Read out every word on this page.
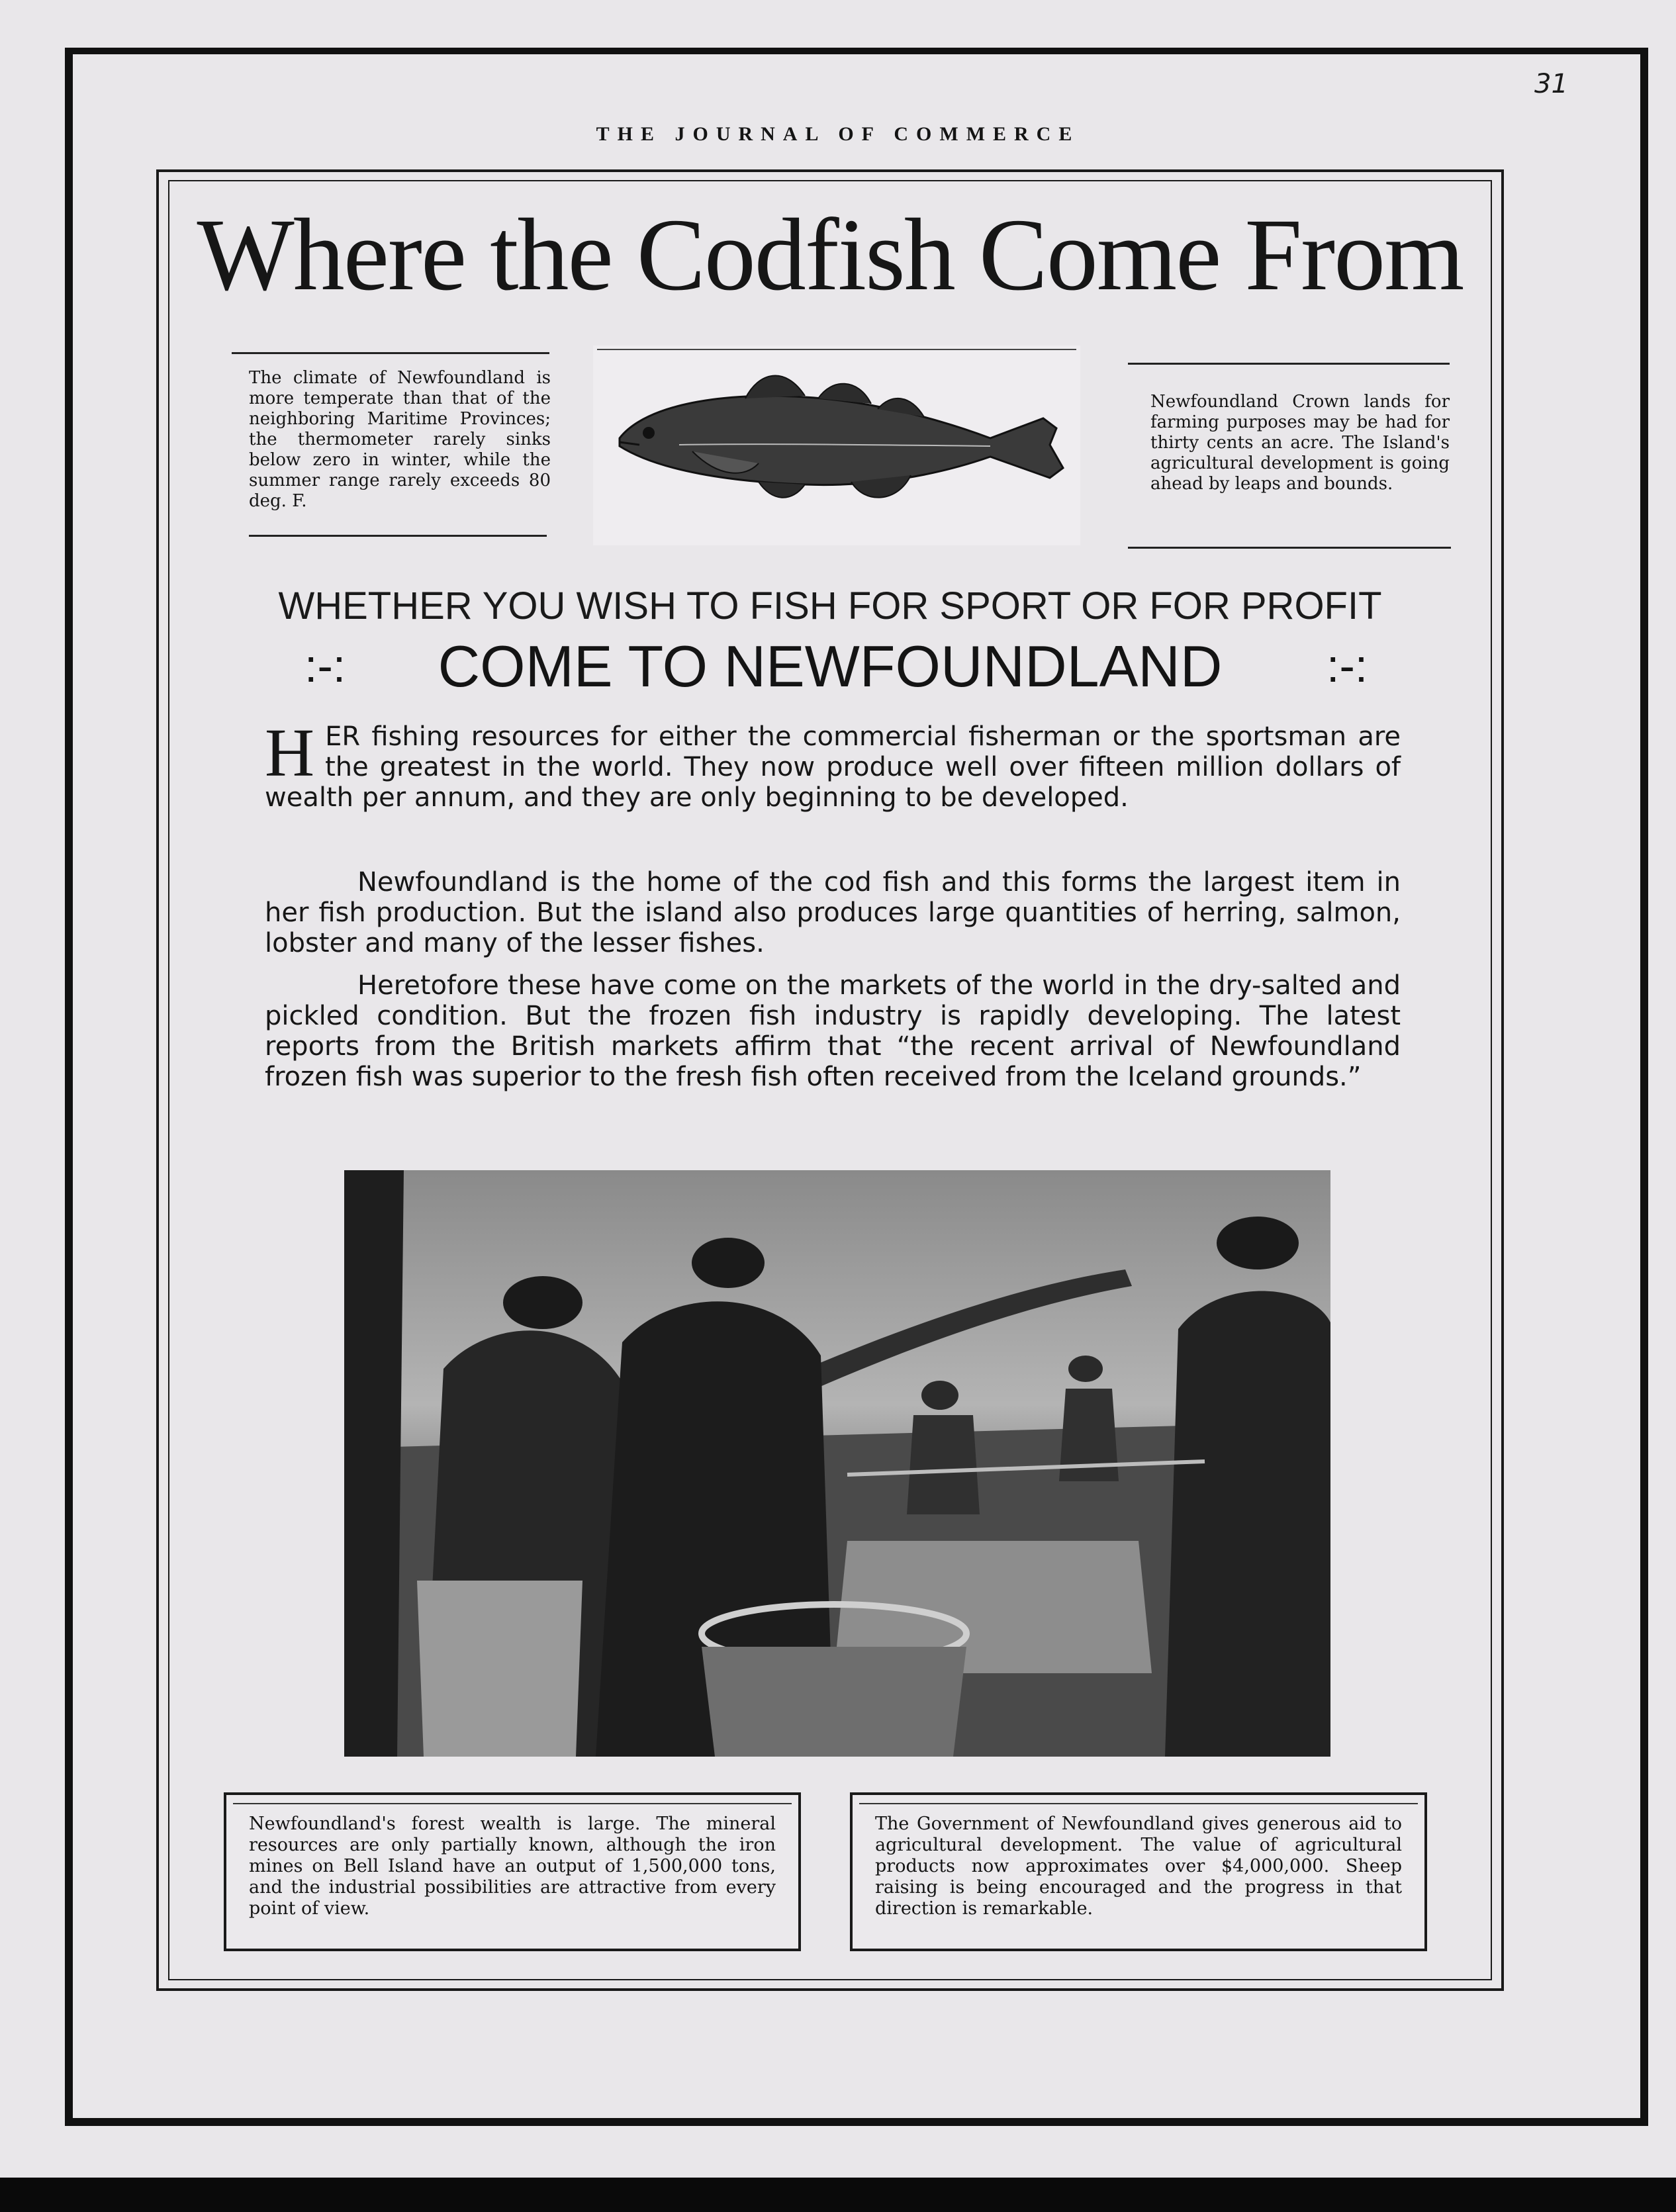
31
THE JOURNAL OF COMMERCE
Where the Codfish Come From
The climate of Newfoundland is more temperate than that of the neighboring Maritime Provinces; the thermometer rarely sinks below zero in winter, while the summer range rarely exceeds 80 deg. F.
Newfoundland Crown lands for farming purposes may be had for thirty cents an acre. The Island's agricultural development is going ahead by leaps and bounds.
WHETHER YOU WISH TO FISH FOR SPORT OR FOR PROFIT
:-:	COME TO NEWFOUNDLAND	:-:
HER fishing resources for either the commercial fisherman or the sportsman are the greatest in the world. They now produce well over fifteen million dollars of wealth per annum, and they are only beginning to be developed.
Newfoundland is the home of the cod fish and this forms the largest item in her fish production. But the island also produces large quantities of herring, salmon, lobster and many of the lesser fishes.
Heretofore these have come on the markets of the world in the dry-salted and pickled condition. But the frozen fish industry is rapidly developing. The latest reports from the British markets affirm that “the recent arrival of Newfoundland frozen fish was superior to the fresh fish often received from the Iceland grounds.”
Newfoundland's forest wealth is large. The mineral resources are only partially known, although the iron mines on Bell Island have an output of 1,500,000 tons, and the industrial possibilities are attractive from every point of view.
The Government of Newfoundland gives generous aid to agricultural development. The value of agricultural products now approximates over $4,000,000. Sheep raising is being encouraged and the progress in that direction is remarkable.
